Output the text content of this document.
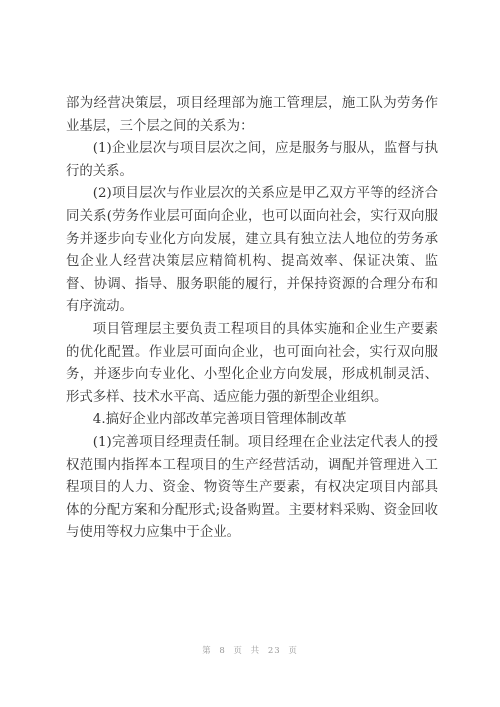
部为经营决策层，项目经理部为施工管理层，施工队为劳务作业基层，三个层之间的关系为：

(1)企业层次与项目层次之间，应是服务与服从，监督与执行的关系。

(2)项目层次与作业层次的关系应是甲乙双方平等的经济合同关系(劳务作业层可面向企业，也可以面向社会，实行双向服务并逐步向专业化方向发展，建立具有独立法人地位的劳务承包企业人经营决策层应精简机构、提高效率、保证决策、监督、协调、指导、服务职能的履行，并保持资源的合理分布和有序流动。

项目管理层主要负责工程项目的具体实施和企业生产要素的优化配置。作业层可面向企业，也可面向社会，实行双向服务，并逐步向专业化、小型化企业方向发展，形成机制灵活、形式多样、技术水平高、适应能力强的新型企业组织。

4.搞好企业内部改革完善项目管理体制改革

(1)完善项目经理责任制。项目经理在企业法定代表人的授权范围内指挥本工程项目的生产经营活动，调配并管理进入工程项目的人力、资金、物资等生产要素，有权决定项目内部具体的分配方案和分配形式;设备购置。主要材料采购、资金回收与使用等权力应集中于企业。

第 8 页 共 23 页
